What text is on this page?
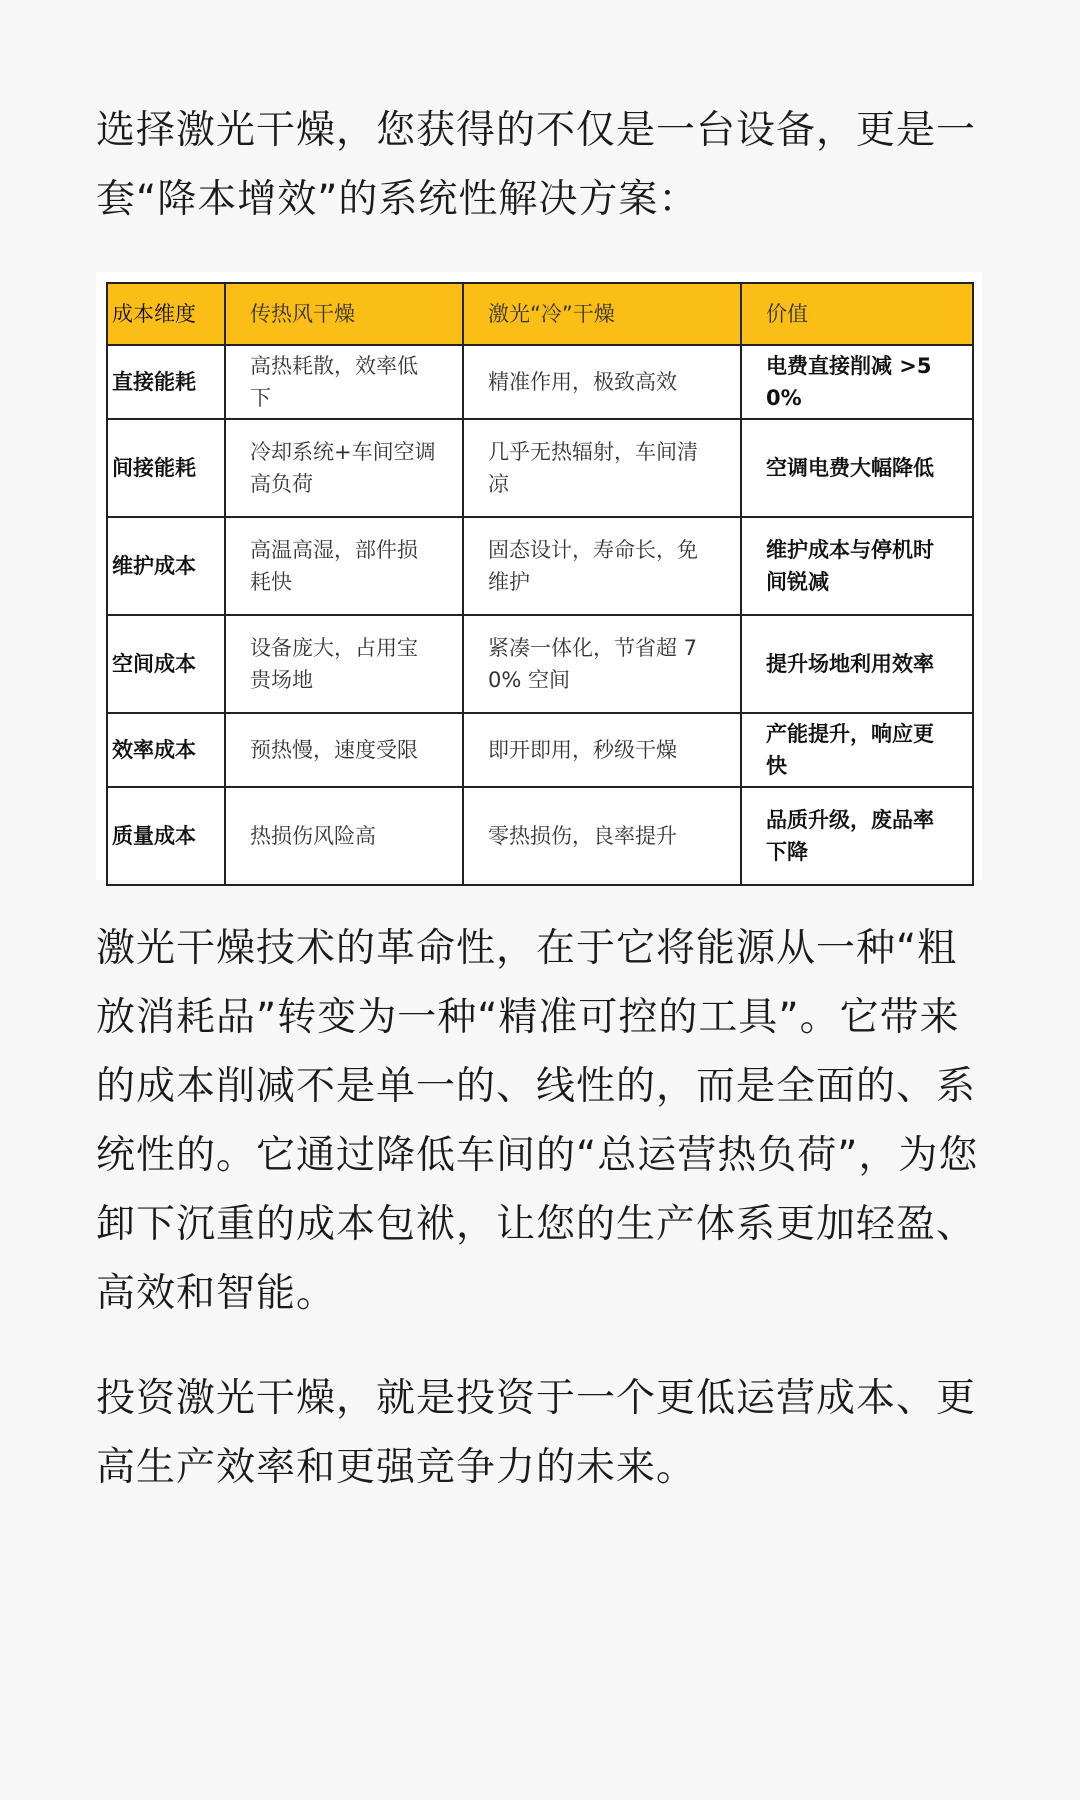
选择激光干燥，您获得的不仅是一台设备，更是一套“降本增效”的系统性解决方案：

成本维度	传热风干燥	激光“冷”干燥	价值
直接能耗	高热耗散，效率低下	精准作用，极致高效	电费直接削减 >50%
间接能耗	冷却系统+车间空调高负荷	几乎无热辐射，车间清凉	空调电费大幅降低
维护成本	高温高湿，部件损耗快	固态设计，寿命长，免维护	维护成本与停机时间锐减
空间成本	设备庞大，占用宝贵场地	紧凑一体化，节省超 70% 空间	提升场地利用效率
效率成本	预热慢，速度受限	即开即用，秒级干燥	产能提升，响应更快
质量成本	热损伤风险高	零热损伤，良率提升	品质升级，废品率下降

激光干燥技术的革命性，在于它将能源从一种“粗放消耗品”转变为一种“精准可控的工具”。它带来的成本削减不是单一的、线性的，而是全面的、系统性的。它通过降低车间的“总运营热负荷”，为您卸下沉重的成本包袱，让您的生产体系更加轻盈、高效和智能。

投资激光干燥，就是投资于一个更低运营成本、更高生产效率和更强竞争力的未来。
